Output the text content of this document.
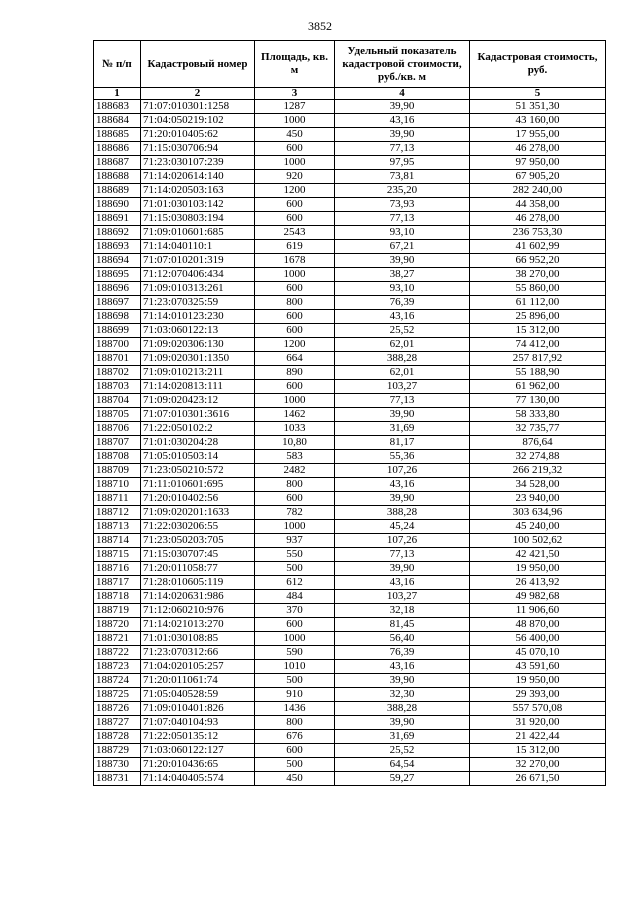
3852
№ п/п	Кадастровый номер	Площадь, кв. м	Удельный показатель кадастровой стоимости, руб./кв. м	Кадастровая стоимость, руб.
1	2	3	4	5
188683	71:07:010301:1258	1287	39,90	51 351,30
188684	71:04:050219:102	1000	43,16	43 160,00
188685	71:20:010405:62	450	39,90	17 955,00
188686	71:15:030706:94	600	77,13	46 278,00
188687	71:23:030107:239	1000	97,95	97 950,00
188688	71:14:020614:140	920	73,81	67 905,20
188689	71:14:020503:163	1200	235,20	282 240,00
188690	71:01:030103:142	600	73,93	44 358,00
188691	71:15:030803:194	600	77,13	46 278,00
188692	71:09:010601:685	2543	93,10	236 753,30
188693	71:14:040110:1	619	67,21	41 602,99
188694	71:07:010201:319	1678	39,90	66 952,20
188695	71:12:070406:434	1000	38,27	38 270,00
188696	71:09:010313:261	600	93,10	55 860,00
188697	71:23:070325:59	800	76,39	61 112,00
188698	71:14:010123:230	600	43,16	25 896,00
188699	71:03:060122:13	600	25,52	15 312,00
188700	71:09:020306:130	1200	62,01	74 412,00
188701	71:09:020301:1350	664	388,28	257 817,92
188702	71:09:010213:211	890	62,01	55 188,90
188703	71:14:020813:111	600	103,27	61 962,00
188704	71:09:020423:12	1000	77,13	77 130,00
188705	71:07:010301:3616	1462	39,90	58 333,80
188706	71:22:050102:2	1033	31,69	32 735,77
188707	71:01:030204:28	10,80	81,17	876,64
188708	71:05:010503:14	583	55,36	32 274,88
188709	71:23:050210:572	2482	107,26	266 219,32
188710	71:11:010601:695	800	43,16	34 528,00
188711	71:20:010402:56	600	39,90	23 940,00
188712	71:09:020201:1633	782	388,28	303 634,96
188713	71:22:030206:55	1000	45,24	45 240,00
188714	71:23:050203:705	937	107,26	100 502,62
188715	71:15:030707:45	550	77,13	42 421,50
188716	71:20:011058:77	500	39,90	19 950,00
188717	71:28:010605:119	612	43,16	26 413,92
188718	71:14:020631:986	484	103,27	49 982,68
188719	71:12:060210:976	370	32,18	11 906,60
188720	71:14:021013:270	600	81,45	48 870,00
188721	71:01:030108:85	1000	56,40	56 400,00
188722	71:23:070312:66	590	76,39	45 070,10
188723	71:04:020105:257	1010	43,16	43 591,60
188724	71:20:011061:74	500	39,90	19 950,00
188725	71:05:040528:59	910	32,30	29 393,00
188726	71:09:010401:826	1436	388,28	557 570,08
188727	71:07:040104:93	800	39,90	31 920,00
188728	71:22:050135:12	676	31,69	21 422,44
188729	71:03:060122:127	600	25,52	15 312,00
188730	71:20:010436:65	500	64,54	32 270,00
188731	71:14:040405:574	450	59,27	26 671,50
